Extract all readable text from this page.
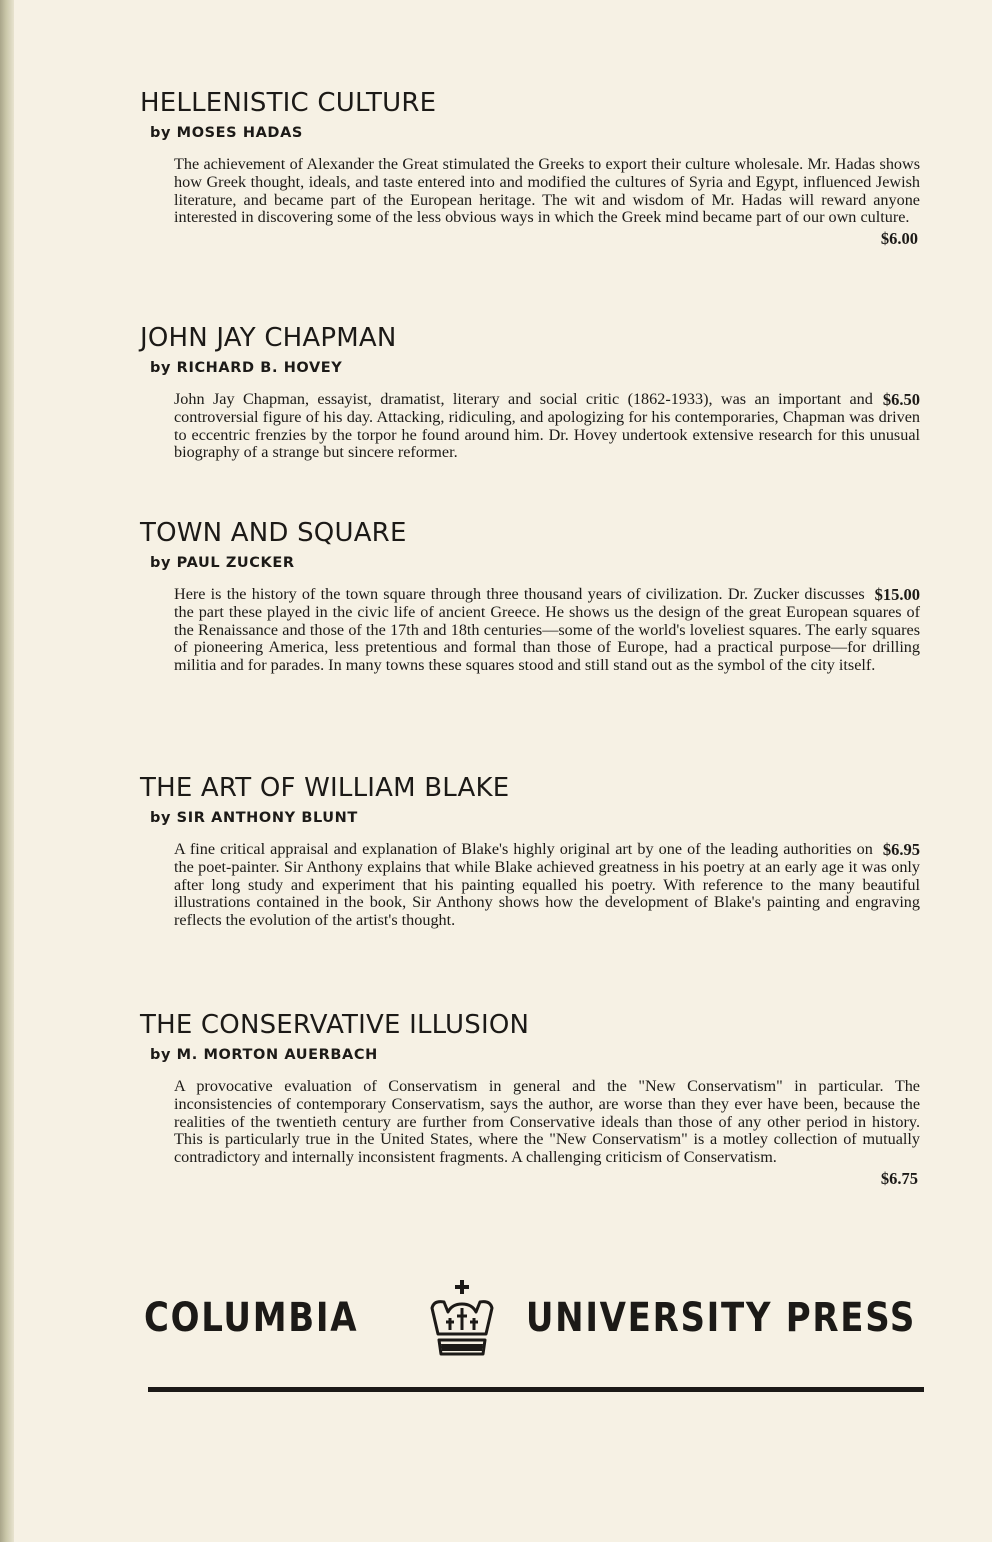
HELLENISTIC CULTURE
by MOSES HADAS

The achievement of Alexander the Great stimulated the Greeks to export their culture wholesale. Mr. Hadas shows how Greek thought, ideals, and taste entered into and modified the cultures of Syria and Egypt, influenced Jewish literature, and became part of the European heritage. The wit and wisdom of Mr. Hadas will reward anyone interested in discovering some of the less obvious ways in which the Greek mind became part of our own culture.

$6.00
JOHN JAY CHAPMAN
by RICHARD B. HOVEY

$6.50
John Jay Chapman, essayist, dramatist, literary and social critic (1862-1933), was an important and controversial figure of his day. Attacking, ridiculing, and apologizing for his contemporaries, Chapman was driven to eccentric frenzies by the torpor he found around him. Dr. Hovey undertook extensive research for this unusual biography of a strange but sincere reformer.

TOWN AND SQUARE
by PAUL ZUCKER

$15.00
Here is the history of the town square through three thousand years of civilization. Dr. Zucker discusses the part these played in the civic life of ancient Greece. He shows us the design of the great European squares of the Renaissance and those of the 17th and 18th centuries—some of the world's loveliest squares. The early squares of pioneering America, less pretentious and formal than those of Europe, had a practical purpose—for drilling militia and for parades. In many towns these squares stood and still stand out as the symbol of the city itself.

THE ART OF WILLIAM BLAKE
by SIR ANTHONY BLUNT

$6.95
A fine critical appraisal and explanation of Blake's highly original art by one of the leading authorities on the poet-painter. Sir Anthony explains that while Blake achieved greatness in his poetry at an early age it was only after long study and experiment that his painting equalled his poetry. With reference to the many beautiful illustrations contained in the book, Sir Anthony shows how the development of Blake's painting and engraving reflects the evolution of the artist's thought.

THE CONSERVATIVE ILLUSION
by M. MORTON AUERBACH

A provocative evaluation of Conservatism in general and the "New Conservatism" in particular. The inconsistencies of contemporary Conservatism, says the author, are worse than they ever have been, because the realities of the twentieth century are further from Conservative ideals than those of any other period in history. This is particularly true in the United States, where the "New Conservatism" is a motley collection of mutually contradictory and internally inconsistent fragments. A challenging criticism of Conservatism.

$6.75
COLUMBIA	UNIVERSITY PRESS
